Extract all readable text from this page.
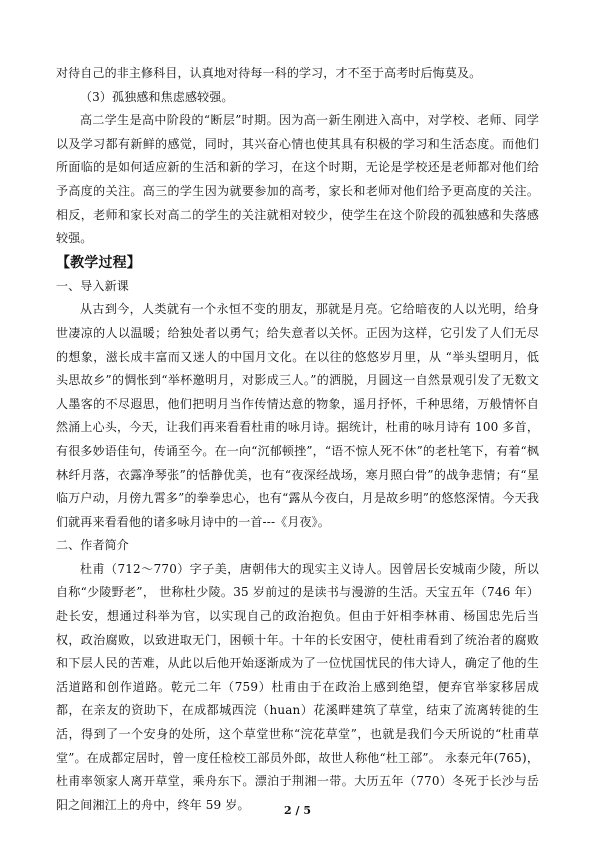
对待自己的非主修科目，认真地对待每一科的学习，才不至于高考时后悔莫及。

（3）孤独感和焦虑感较强。

高二学生是高中阶段的“断层”时期。因为高一新生刚进入高中，对学校、老师、同学以及学习都有新鲜的感觉，同时，其兴奋心情也使其具有积极的学习和生活态度。而他们所面临的是如何适应新的生活和新的学习，在这个时期，无论是学校还是老师都对他们给予高度的关注。高三的学生因为就要参加的高考，家长和老师对他们给予更高度的关注。相反，老师和家长对高二的学生的关注就相对较少，使学生在这个阶段的孤独感和失落感较强。

【教学过程】

一、导入新课

从古到今，人类就有一个永恒不变的朋友，那就是月亮。它给暗夜的人以光明，给身世凄凉的人以温暖；给独处者以勇气；给失意者以关怀。正因为这样，它引发了人们无尽的想象，滋长成丰富而又迷人的中国月文化。在以往的悠悠岁月里，从 “举头望明月，低头思故乡”的惆怅到“举杯邀明月，对影成三人。”的洒脱，月圆这一自然景观引发了无数文人墨客的不尽遐思，他们把明月当作传情达意的物象，遥月抒怀，千种思绪，万般情怀自然涌上心头，今天，让我们再来看看杜甫的咏月诗。据统计，杜甫的咏月诗有 100 多首，有很多妙语佳句，传诵至今。在一向“沉郁顿挫”，“语不惊人死不休”的老杜笔下，有着“枫林纤月落，衣露净琴张”的恬静优美，也有“夜深经战场，寒月照白骨”的战争悲情；有“星临万户动，月傍九霄多”的拳拳忠心，也有“露从今夜白，月是故乡明”的悠悠深情。今天我们就再来看看他的诸多咏月诗中的一首---《月夜》。

二、作者简介

杜甫（712～770）字子美，唐朝伟大的现实主义诗人。因曾居长安城南少陵，所以自称“少陵野老”， 世称杜少陵。35 岁前过的是读书与漫游的生活。天宝五年（746 年）赴长安，想通过科举为官，以实现自己的政治抱负。但由于奸相李林甫、杨国忠先后当权，政治腐败，以致进取无门，困顿十年。十年的长安困守，使杜甫看到了统治者的腐败和下层人民的苦难，从此以后他开始逐渐成为了一位忧国忧民的伟大诗人，确定了他的生活道路和创作道路。乾元二年（759）杜甫由于在政治上感到绝望，便弃官举家移居成都，在亲友的资助下，在成都城西浣（huan）花溪畔建筑了草堂，结束了流离转徙的生活，得到了一个安身的处所，这个草堂世称“浣花草堂”，也就是我们今天所说的“杜甫草堂”。在成都定居时，曾一度任检校工部员外郎，故世人称他“杜工部”。 永泰元年(765)，杜甫率领家人离开草堂，乘舟东下。漂泊于荆湘一带。大历五年（770）冬死于长沙与岳阳之间湘江上的舟中，终年 59 岁。	2 / 5
